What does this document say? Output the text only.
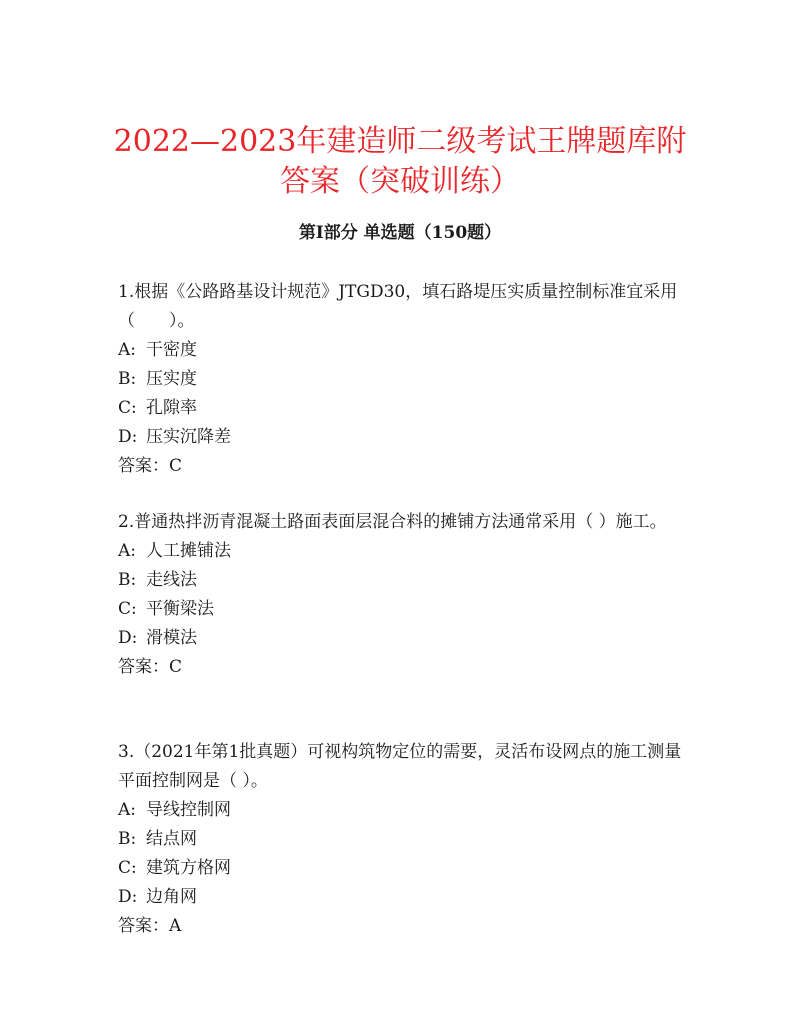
2022—2023年建造师二级考试王牌题库附答案（突破训练）
第I部分 单选题（150题）

1.根据《公路路基设计规范》JTGD30，填石路堤压实质量控制标准宜采用（　　）。

A: 干密度

B: 压实度

C: 孔隙率

D: 压实沉降差

答案：C

2.普通热拌沥青混凝土路面表面层混合料的摊铺方法通常采用（ ）施工。

A: 人工摊铺法

B: 走线法

C: 平衡梁法

D: 滑模法

答案：C

3.（2021年第1批真题）可视构筑物定位的需要，灵活布设网点的施工测量平面控制网是（ ）。

A: 导线控制网

B: 结点网

C: 建筑方格网

D: 边角网

答案：A
